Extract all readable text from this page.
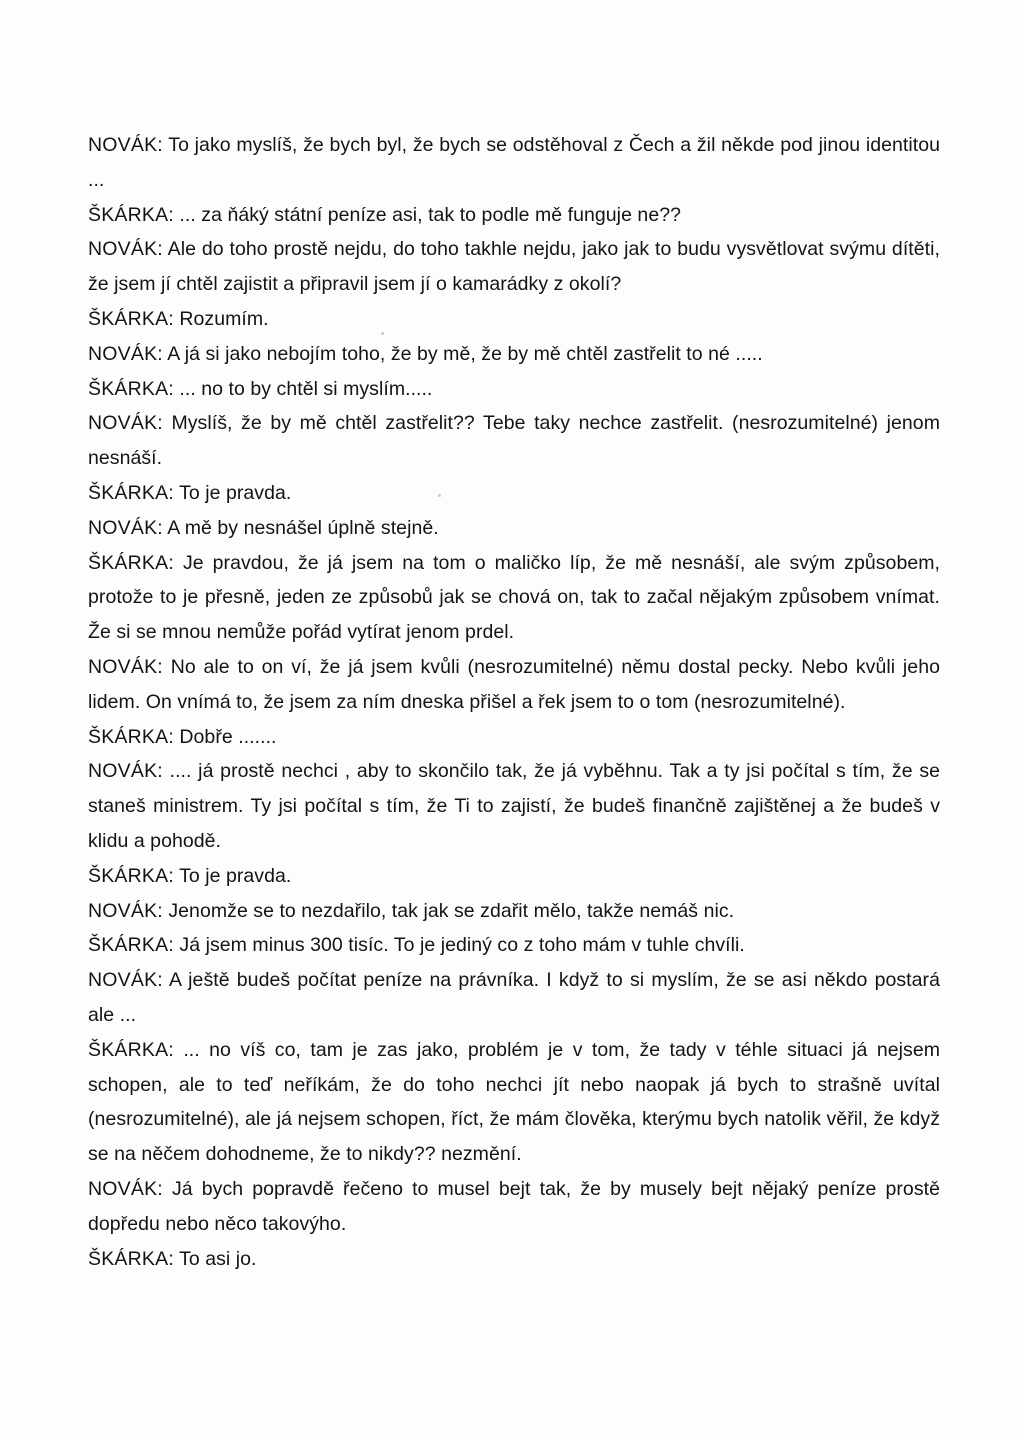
NOVÁK: To jako myslíš, že bych byl, že bych se odstěhoval z Čech a žil někde pod jinou identitou ...

ŠKÁRKA: ... za ňáký státní peníze asi, tak to podle mě funguje ne??

NOVÁK: Ale do toho prostě nejdu, do toho takhle nejdu, jako jak to budu vysvětlovat svýmu dítěti, že jsem jí chtěl zajistit a připravil jsem jí o kamarádky z okolí?

ŠKÁRKA: Rozumím.

NOVÁK: A já si jako nebojím toho, že by mě, že by mě chtěl zastřelit to né .....

ŠKÁRKA: ... no to by chtěl si myslím.....

NOVÁK: Myslíš, že by mě chtěl zastřelit?? Tebe taky nechce zastřelit. (nesrozumitelné) jenom nesnáší.

ŠKÁRKA: To je pravda.

NOVÁK: A mě by nesnášel úplně stejně.

ŠKÁRKA: Je pravdou, že já jsem na tom o maličko líp, že mě nesnáší, ale svým způsobem, protože to je přesně, jeden ze způsobů jak se chová on, tak to začal nějakým způsobem vnímat. Že si se mnou nemůže pořád vytírat jenom prdel.

NOVÁK: No ale to on ví, že já jsem kvůli (nesrozumitelné) němu dostal pecky. Nebo kvůli jeho lidem. On vnímá to, že jsem za ním dneska přišel a řek jsem to o tom (nesrozumitelné).

ŠKÁRKA: Dobře .......

NOVÁK: .... já prostě nechci , aby to skončilo tak, že já vyběhnu. Tak a ty jsi počítal s tím, že se staneš ministrem. Ty jsi počítal s tím, že Ti to zajistí, že budeš finančně zajištěnej a že budeš v klidu a pohodě.

ŠKÁRKA: To je pravda.

NOVÁK: Jenomže se to nezdařilo, tak jak se zdařit mělo, takže nemáš nic.

ŠKÁRKA: Já jsem minus 300 tisíc. To je jediný co z toho mám v tuhle chvíli.

NOVÁK: A ještě budeš počítat peníze na právníka. I když to si myslím, že se asi někdo postará ale ...

ŠKÁRKA: ... no víš co, tam je zas jako, problém je v tom, že tady v téhle situaci já nejsem schopen, ale to teď neříkám, že do toho nechci jít nebo naopak já bych to strašně uvítal (nesrozumitelné), ale já nejsem schopen, říct, že mám člověka, kterýmu bych natolik věřil, že když se na něčem dohodneme, že to nikdy?? nezmění.

NOVÁK: Já bych popravdě řečeno to musel bejt tak, že by musely bejt nějaký peníze prostě dopředu nebo něco takovýho.

ŠKÁRKA: To asi jo.
